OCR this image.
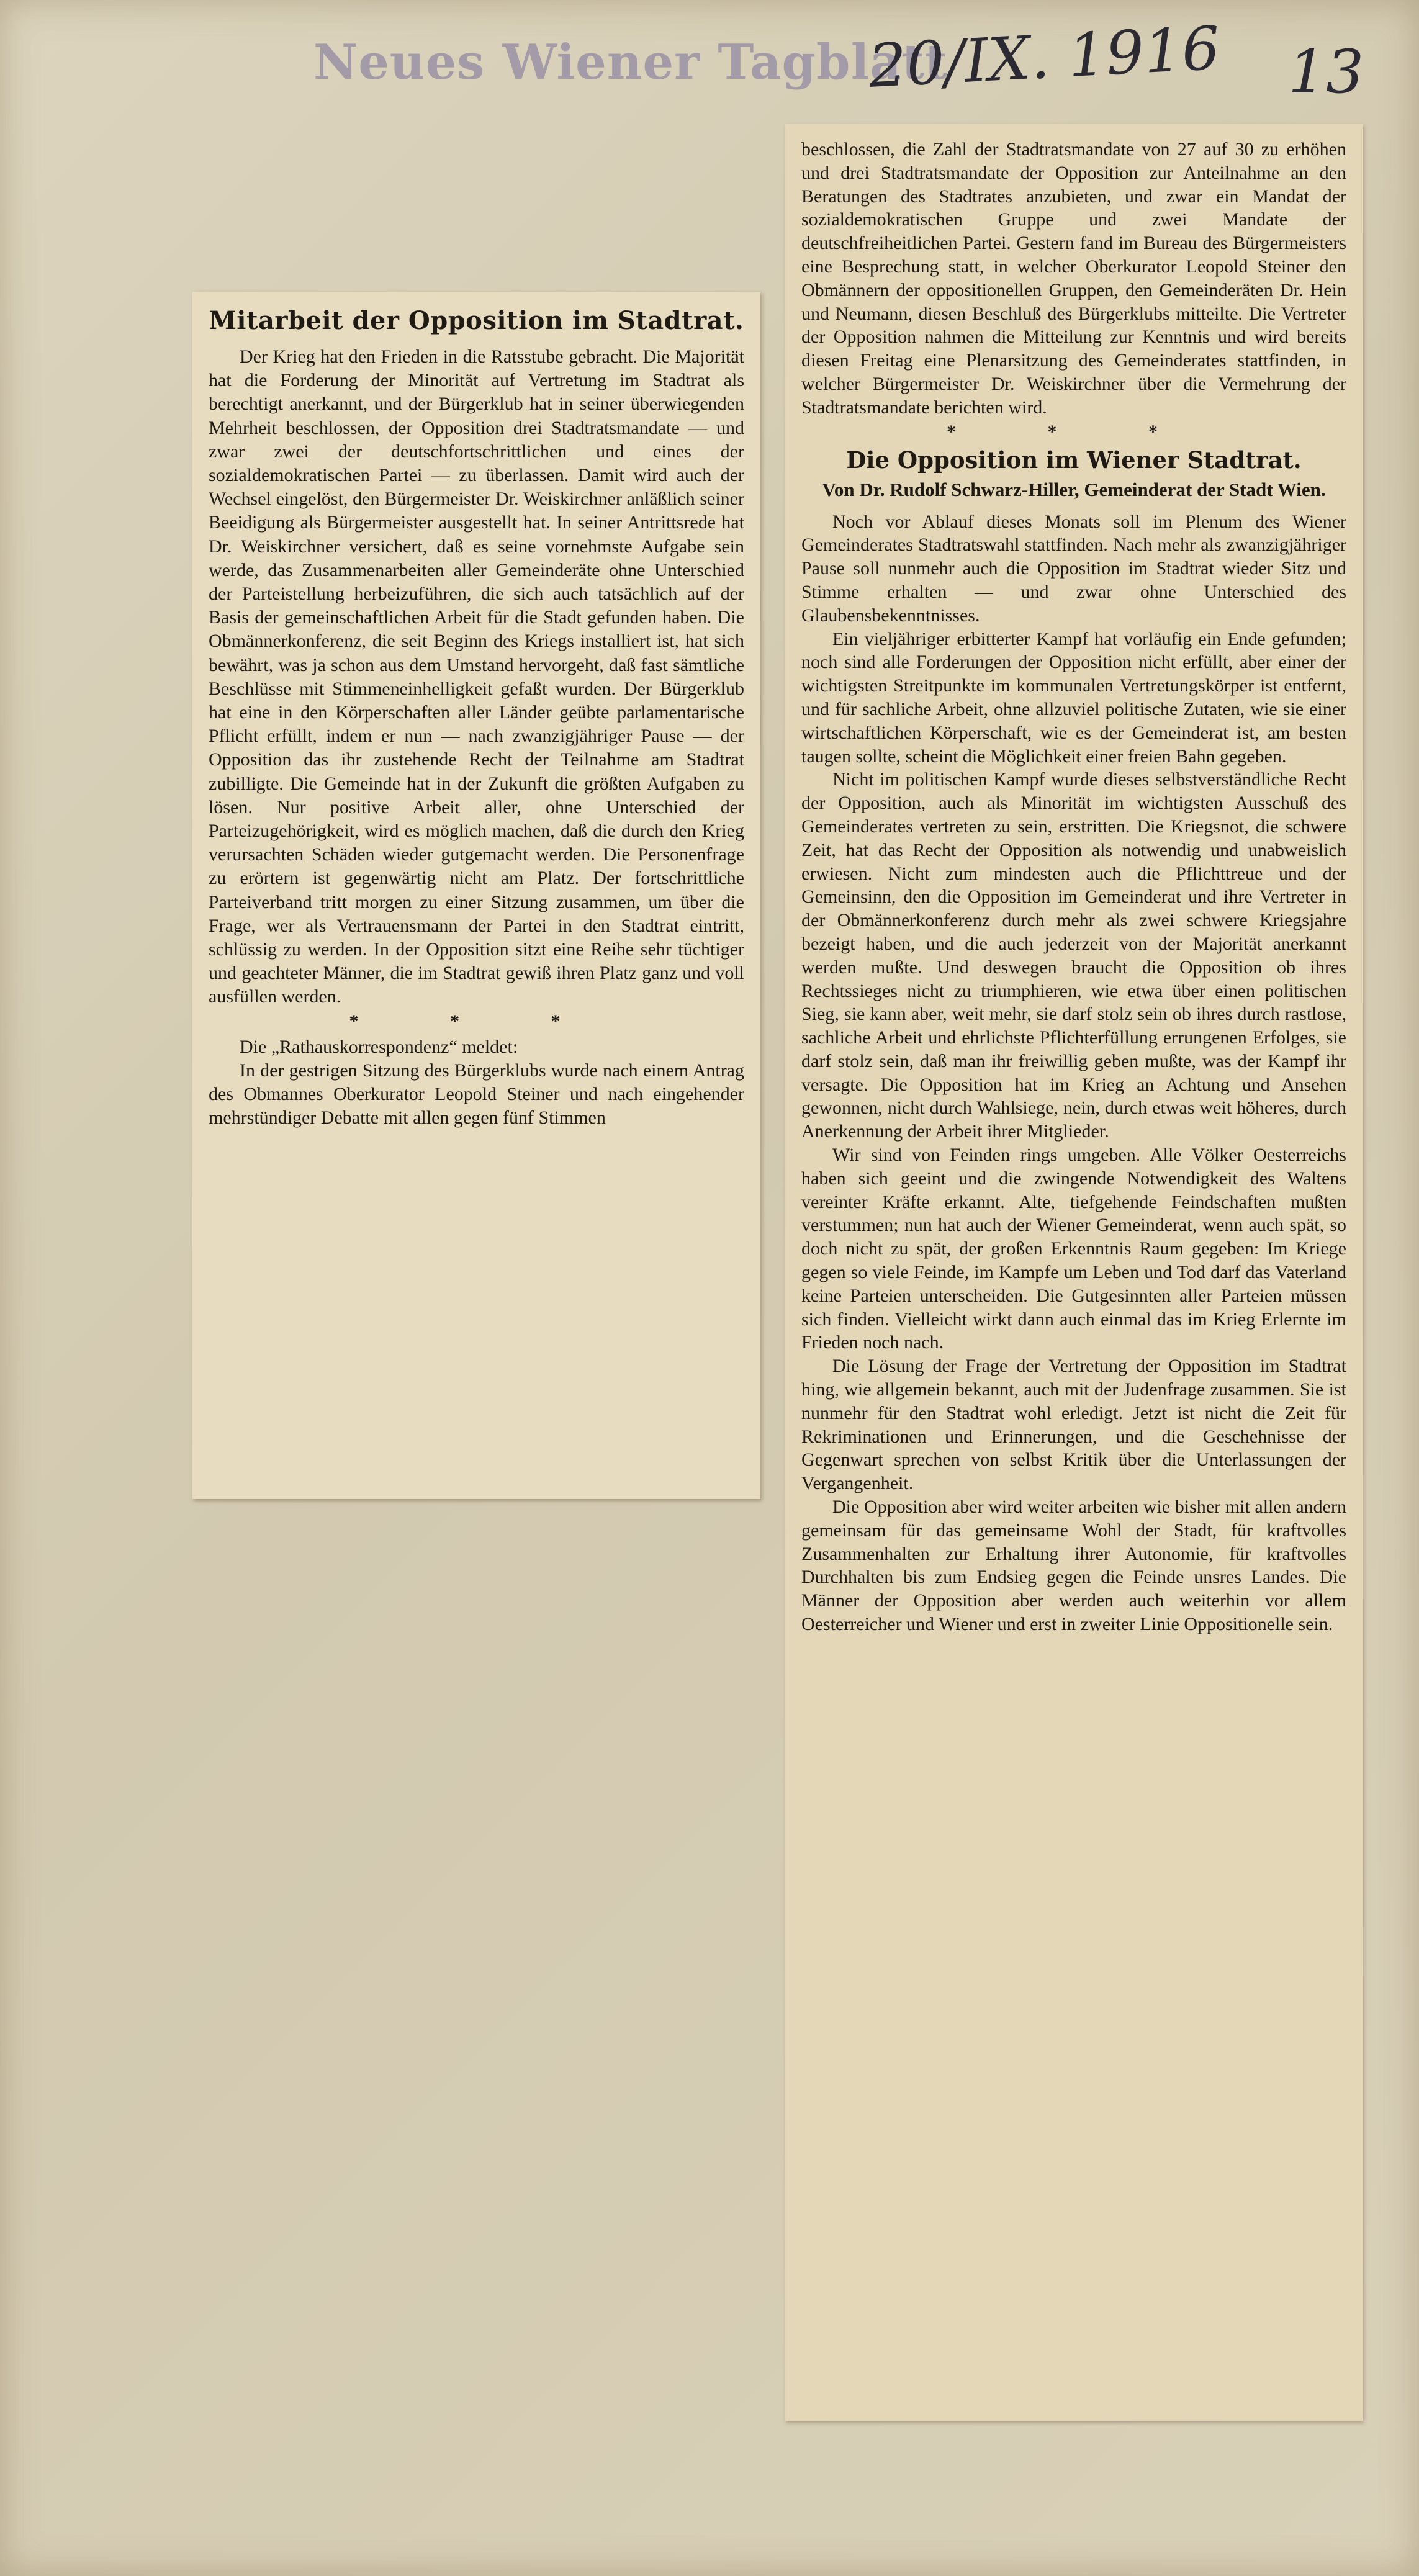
Neues Wiener Tagblatt
20/IX. 1916 13
Mitarbeit der Opposition im Stadtrat.

Der Krieg hat den Frieden in die Ratsstube gebracht. Die Majorität hat die Forderung der Minorität auf Vertretung im Stadtrat als berechtigt anerkannt, und der Bürgerklub hat in seiner überwiegenden Mehrheit beschlossen, der Opposition drei Stadtratsmandate — und zwar zwei der deutschfortschrittlichen und eines der sozialdemokratischen Partei — zu überlassen. Damit wird auch der Wechsel eingelöst, den Bürgermeister Dr. Weiskirchner anläßlich seiner Beeidigung als Bürgermeister ausgestellt hat. In seiner Antrittsrede hat Dr. Weiskirchner versichert, daß es seine vornehmste Aufgabe sein werde, das Zusammenarbeiten aller Gemeinderäte ohne Unterschied der Parteistellung herbeizuführen, die sich auch tatsächlich auf der Basis der gemeinschaftlichen Arbeit für die Stadt gefunden haben. Die Obmännerkonferenz, die seit Beginn des Kriegs installiert ist, hat sich bewährt, was ja schon aus dem Umstand hervorgeht, daß fast sämtliche Beschlüsse mit Stimmeneinhelligkeit gefaßt wurden. Der Bürgerklub hat eine in den Körperschaften aller Länder geübte parlamentarische Pflicht erfüllt, indem er nun — nach zwanzigjähriger Pause — der Opposition das ihr zustehende Recht der Teilnahme am Stadtrat zubilligte. Die Gemeinde hat in der Zukunft die größten Aufgaben zu lösen. Nur positive Arbeit aller, ohne Unterschied der Parteizugehörigkeit, wird es möglich machen, daß die durch den Krieg verursachten Schäden wieder gutgemacht werden. Die Personenfrage zu erörtern ist gegenwärtig nicht am Platz. Der fortschrittliche Parteiverband tritt morgen zu einer Sitzung zusammen, um über die Frage, wer als Vertrauensmann der Partei in den Stadtrat eintritt, schlüssig zu werden. In der Opposition sitzt eine Reihe sehr tüchtiger und geachteter Männer, die im Stadtrat gewiß ihren Platz ganz und voll ausfüllen werden.

* * *

Die „Rathauskorrespondenz“ meldet:

In der gestrigen Sitzung des Bürgerklubs wurde nach einem Antrag des Obmannes Oberkurator Leopold Steiner und nach eingehender mehrstündiger Debatte mit allen gegen fünf Stimmen

beschlossen, die Zahl der Stadtratsmandate von 27 auf 30 zu erhöhen und drei Stadtratsmandate der Opposition zur Anteilnahme an den Beratungen des Stadtrates anzubieten, und zwar ein Mandat der sozialdemokratischen Gruppe und zwei Mandate der deutschfreiheitlichen Partei. Gestern fand im Bureau des Bürgermeisters eine Besprechung statt, in welcher Oberkurator Leopold Steiner den Obmännern der oppositionellen Gruppen, den Gemeinderäten Dr. Hein und Neumann, diesen Beschluß des Bürgerklubs mitteilte. Die Vertreter der Opposition nahmen die Mitteilung zur Kenntnis und wird bereits diesen Freitag eine Plenarsitzung des Gemeinderates stattfinden, in welcher Bürgermeister Dr. Weiskirchner über die Vermehrung der Stadtratsmandate berichten wird.

* * *
Die Opposition im Wiener Stadtrat.
Von Dr. Rudolf Schwarz-Hiller, Gemeinderat der Stadt Wien.

Noch vor Ablauf dieses Monats soll im Plenum des Wiener Gemeinderates Stadtratswahl stattfinden. Nach mehr als zwanzigjähriger Pause soll nunmehr auch die Opposition im Stadtrat wieder Sitz und Stimme erhalten — und zwar ohne Unterschied des Glaubensbekenntnisses.

Ein vieljähriger erbitterter Kampf hat vorläufig ein Ende gefunden; noch sind alle Forderungen der Opposition nicht erfüllt, aber einer der wichtigsten Streitpunkte im kommunalen Vertretungskörper ist entfernt, und für sachliche Arbeit, ohne allzuviel politische Zutaten, wie sie einer wirtschaftlichen Körperschaft, wie es der Gemeinderat ist, am besten taugen sollte, scheint die Möglichkeit einer freien Bahn gegeben.

Nicht im politischen Kampf wurde dieses selbstverständliche Recht der Opposition, auch als Minorität im wichtigsten Ausschuß des Gemeinderates vertreten zu sein, erstritten. Die Kriegsnot, die schwere Zeit, hat das Recht der Opposition als notwendig und unabweislich erwiesen. Nicht zum mindesten auch die Pflichttreue und der Gemeinsinn, den die Opposition im Gemeinderat und ihre Vertreter in der Obmännerkonferenz durch mehr als zwei schwere Kriegsjahre bezeigt haben, und die auch jederzeit von der Majorität anerkannt werden mußte. Und deswegen braucht die Opposition ob ihres Rechtssieges nicht zu triumphieren, wie etwa über einen politischen Sieg, sie kann aber, weit mehr, sie darf stolz sein ob ihres durch rastlose, sachliche Arbeit und ehrlichste Pflichterfüllung errungenen Erfolges, sie darf stolz sein, daß man ihr freiwillig geben mußte, was der Kampf ihr versagte. Die Opposition hat im Krieg an Achtung und Ansehen gewonnen, nicht durch Wahlsiege, nein, durch etwas weit höheres, durch Anerkennung der Arbeit ihrer Mitglieder.

Wir sind von Feinden rings umgeben. Alle Völker Oesterreichs haben sich geeint und die zwingende Notwendigkeit des Waltens vereinter Kräfte erkannt. Alte, tiefgehende Feindschaften mußten verstummen; nun hat auch der Wiener Gemeinderat, wenn auch spät, so doch nicht zu spät, der großen Erkenntnis Raum gegeben: Im Kriege gegen so viele Feinde, im Kampfe um Leben und Tod darf das Vaterland keine Parteien unterscheiden. Die Gutgesinnten aller Parteien müssen sich finden. Vielleicht wirkt dann auch einmal das im Krieg Erlernte im Frieden noch nach.

Die Lösung der Frage der Vertretung der Opposition im Stadtrat hing, wie allgemein bekannt, auch mit der Judenfrage zusammen. Sie ist nunmehr für den Stadtrat wohl erledigt. Jetzt ist nicht die Zeit für Rekriminationen und Erinnerungen, und die Geschehnisse der Gegenwart sprechen von selbst Kritik über die Unterlassungen der Vergangenheit.

Die Opposition aber wird weiter arbeiten wie bisher mit allen andern gemeinsam für das gemeinsame Wohl der Stadt, für kraftvolles Zusammenhalten zur Erhaltung ihrer Autonomie, für kraftvolles Durchhalten bis zum Endsieg gegen die Feinde unsres Landes. Die Männer der Opposition aber werden auch weiterhin vor allem Oesterreicher und Wiener und erst in zweiter Linie Oppositionelle sein.
